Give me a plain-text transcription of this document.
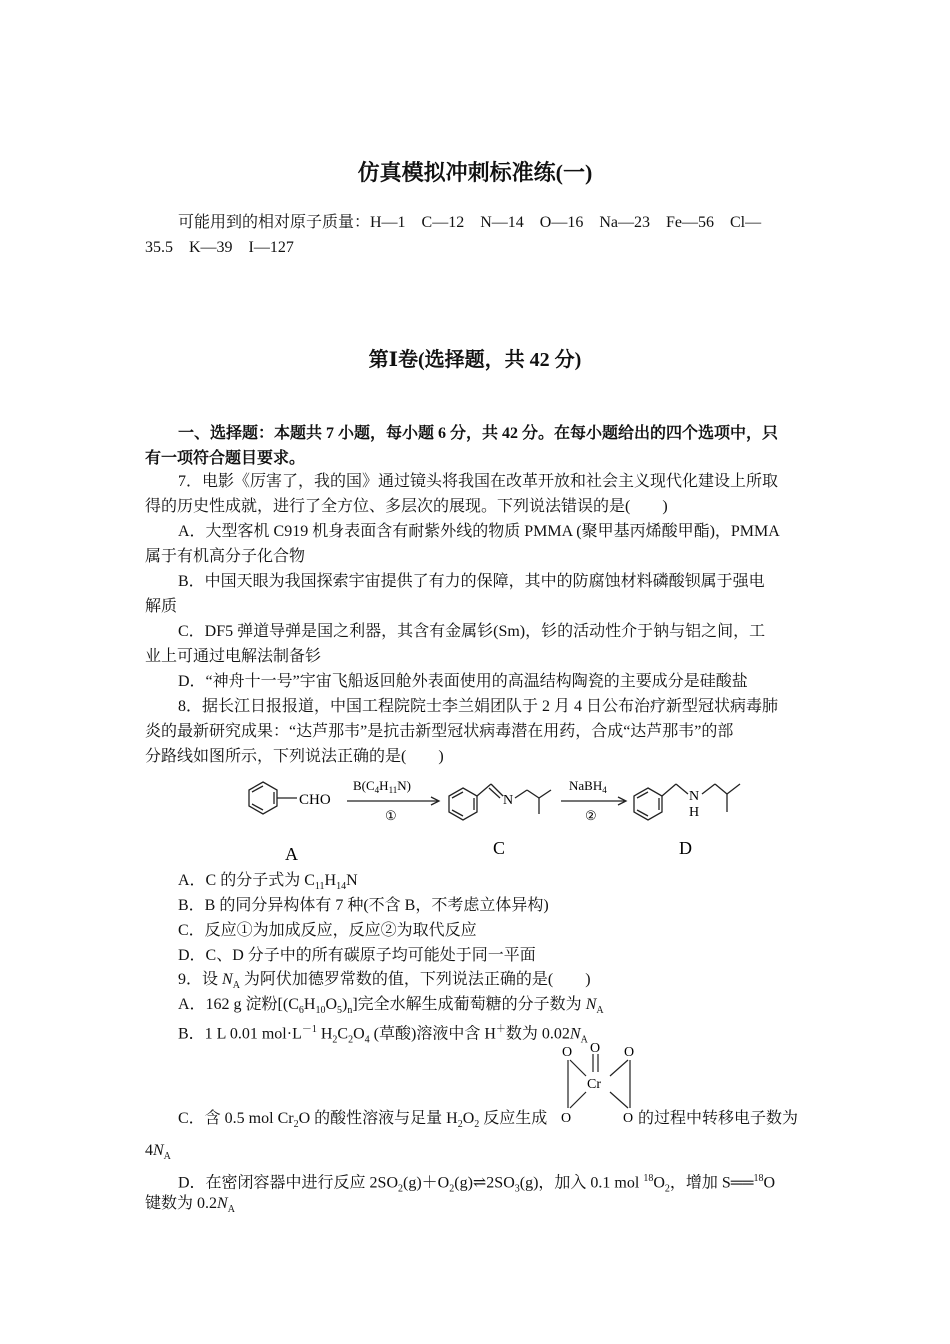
仿真模拟冲刺标准练(一)
可能用到的相对原子质量：H—1　C—12　N—14　O—16　Na—23　Fe—56　Cl—
35.5　K—39　I—127
第Ⅰ卷(选择题，共 42 分)
一、选择题：本题共 7 小题，每小题 6 分，共 42 分。在每小题给出的四个选项中，只
有一项符合题目要求。
7．电影《厉害了，我的国》通过镜头将我国在改革开放和社会主义现代化建设上所取
得的历史性成就，进行了全方位、多层次的展现。下列说法错误的是(　　)
A．大型客机 C919 机身表面含有耐紫外线的物质 PMMA (聚甲基丙烯酸甲酯)，PMMA
属于有机高分子化合物
B．中国天眼为我国探索宇宙提供了有力的保障，其中的防腐蚀材料磷酸钡属于强电
解质
C．DF5 弹道导弹是国之利器，其含有金属钐(Sm)，钐的活动性介于钠与铝之间，工
业上可通过电解法制备钐
D．“神舟十一号”宇宙飞船返回舱外表面使用的高温结构陶瓷的主要成分是硅酸盐
8．据长江日报报道，中国工程院院士李兰娟团队于 2 月 4 日公布治疗新型冠状病毒肺
炎的最新研究成果：“达芦那韦”是抗击新型冠状病毒潜在用药，合成“达芦那韦”的部
分路线如图所示，下列说法正确的是(　　)
CHO
$B(C_4H_{11}N)$
①
N
NaBH$_4$
②
N
H
A	C	D
A．C 的分子式为 $C_{11}H_{14}N$
B．B 的同分异构体有 7 种(不含 B，不考虑立体异构)
C．反应①为加成反应，反应②为取代反应
D．C、D 分子中的所有碳原子均可能处于同一平面
9．设 $N_A$ 为阿伏加德罗常数的值，下列说法正确的是(　　)
A．162 g 淀粉$[(C_6H_{10}O_5)_n]$完全水解生成葡萄糖的分子数为 $N_A$
B．1 L 0.01 $mol\cdot L^{-1}$ $H_2C_2O_4$ (草酸)溶液中含 H＋数为 $0.02N_A$
O
O	O
Cr
O	O
C．含 0.5 mol $Cr_2O$ 的酸性溶液与足量 $H_2O_2$ 反应生成	的过程中转移电子数为
$4N_A$
D．在密闭容器中进行反应 $2SO_2(g)+O_2(g)\rightleftharpoons 2SO_3(g)$，加入 0.1 mol $^{18}O_2$，增加 S══$^{18}$O
键数为 $0.2N_A$
